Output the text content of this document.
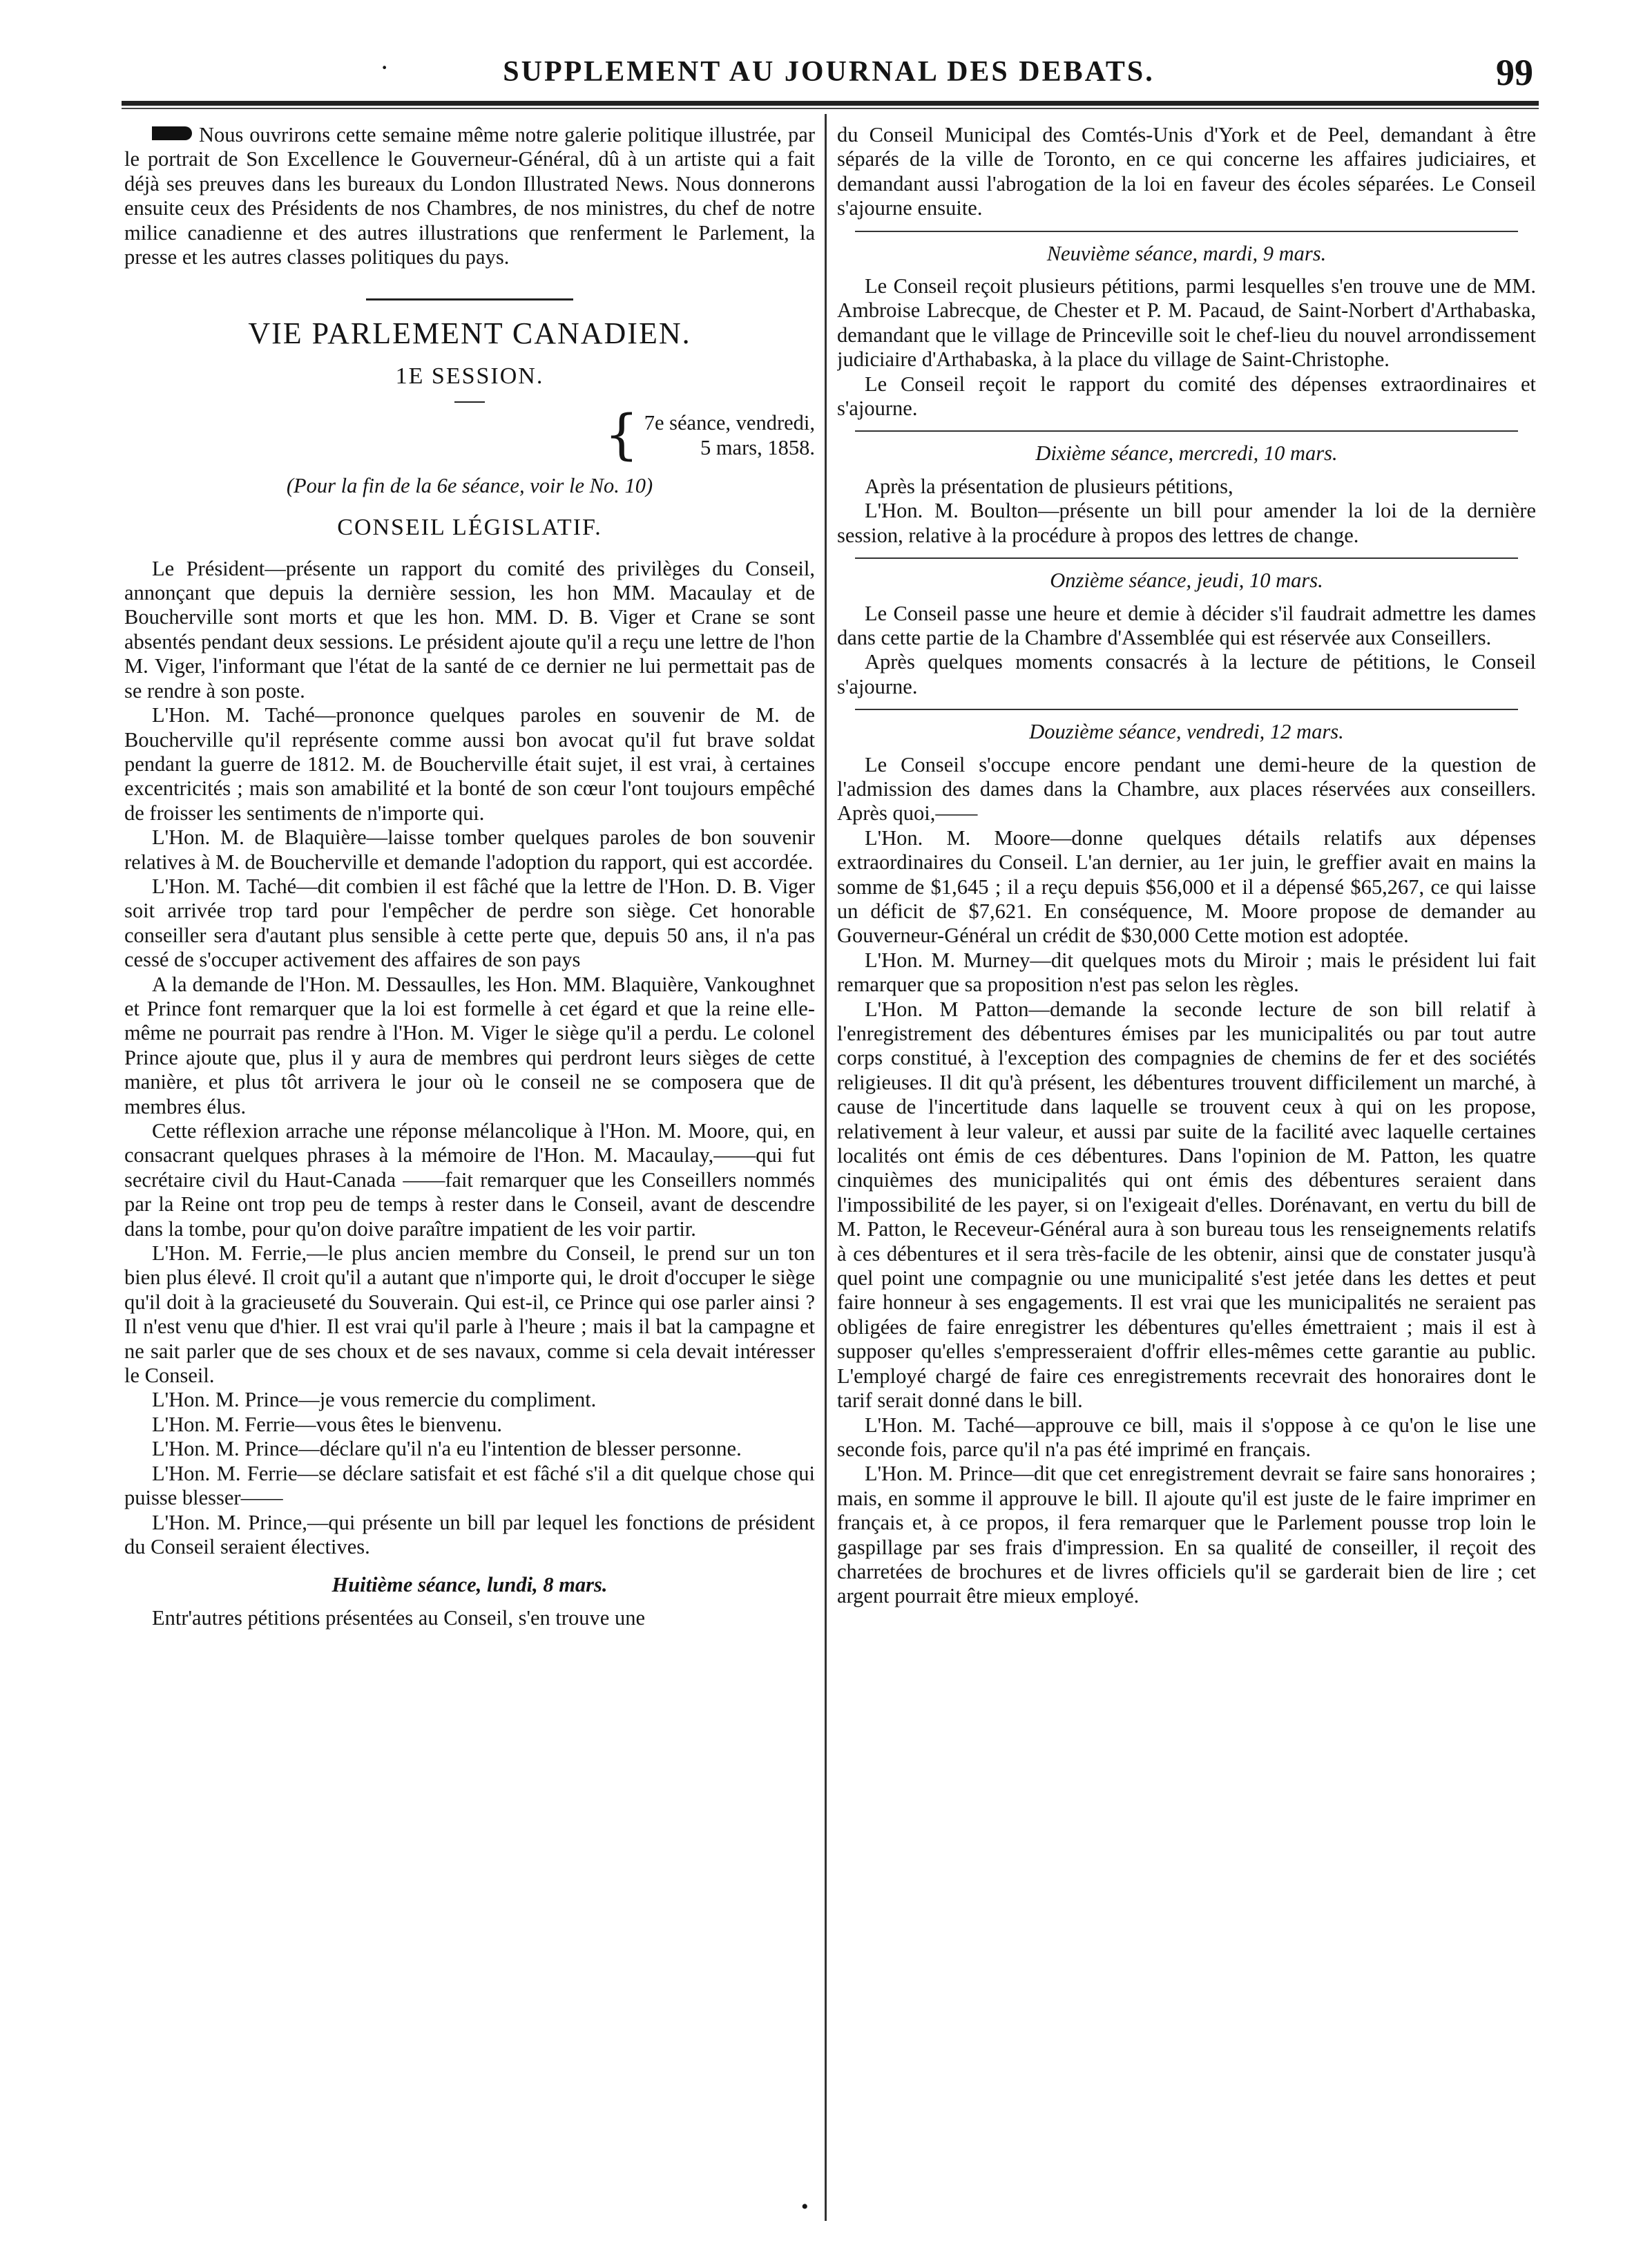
·	SUPPLEMENT AU JOURNAL DES DEBATS.	99

Nous ouvrirons cette semaine même notre galerie politique illustrée, par le portrait de Son Excellence le Gouverneur-Général, dû à un artiste qui a fait déjà ses preuves dans les bureaux du London Illustrated News. Nous donnerons ensuite ceux des Présidents de nos Chambres, de nos ministres, du chef de notre milice canadienne et des autres illustrations que renferment le Parlement, la presse et les autres classes politiques du pays.

VIE PARLEMENT CANADIEN.
1E SESSION.
{ 7e séance, vendredi,

5 mars, 1858.

(Pour la fin de la 6e séance, voir le No. 10)

CONSEIL LÉGISLATIF.

Le Président—présente un rapport du comité des privilèges du Conseil, annonçant que depuis la dernière session, les hon MM. Macaulay et de Boucherville sont morts et que les hon. MM. D. B. Viger et Crane se sont absentés pendant deux sessions. Le président ajoute qu'il a reçu une lettre de l'hon M. Viger, l'informant que l'état de la santé de ce dernier ne lui permettait pas de se rendre à son poste.

L'Hon. M. Taché—prononce quelques paroles en souvenir de M. de Boucherville qu'il représente comme aussi bon avocat qu'il fut brave soldat pendant la guerre de 1812. M. de Boucherville était sujet, il est vrai, à certaines excentricités ; mais son amabilité et la bonté de son cœur l'ont toujours empêché de froisser les sentiments de n'importe qui.

L'Hon. M. de Blaquière—laisse tomber quelques paroles de bon souvenir relatives à M. de Boucherville et demande l'adoption du rapport, qui est accordée.

L'Hon. M. Taché—dit combien il est fâché que la lettre de l'Hon. D. B. Viger soit arrivée trop tard pour l'empêcher de perdre son siège. Cet honorable conseiller sera d'autant plus sensible à cette perte que, depuis 50 ans, il n'a pas cessé de s'occuper activement des affaires de son pays

A la demande de l'Hon. M. Dessaulles, les Hon. MM. Blaquière, Vankoughnet et Prince font remarquer que la loi est formelle à cet égard et que la reine elle-même ne pourrait pas rendre à l'Hon. M. Viger le siège qu'il a perdu. Le colonel Prince ajoute que, plus il y aura de membres qui perdront leurs sièges de cette manière, et plus tôt arrivera le jour où le conseil ne se composera que de membres élus.

Cette réflexion arrache une réponse mélancolique à l'Hon. M. Moore, qui, en consacrant quelques phrases à la mémoire de l'Hon. M. Macaulay,——qui fut secrétaire civil du Haut-Canada ——fait remarquer que les Conseillers nommés par la Reine ont trop peu de temps à rester dans le Conseil, avant de descendre dans la tombe, pour qu'on doive paraître impatient de les voir partir.

L'Hon. M. Ferrie,—le plus ancien membre du Conseil, le prend sur un ton bien plus élevé. Il croit qu'il a autant que n'importe qui, le droit d'occuper le siège qu'il doit à la gracieuseté du Souverain. Qui est-il, ce Prince qui ose parler ainsi ? Il n'est venu que d'hier. Il est vrai qu'il parle à l'heure ; mais il bat la campagne et ne sait parler que de ses choux et de ses navaux, comme si cela devait intéresser le Conseil.

L'Hon. M. Prince—je vous remercie du compliment.

L'Hon. M. Ferrie—vous êtes le bienvenu.

L'Hon. M. Prince—déclare qu'il n'a eu l'intention de blesser personne.

L'Hon. M. Ferrie—se déclare satisfait et est fâché s'il a dit quelque chose qui puisse blesser——

L'Hon. M. Prince,—qui présente un bill par lequel les fonctions de président du Conseil seraient électives.

Huitième séance, lundi, 8 mars.

Entr'autres pétitions présentées au Conseil, s'en trouve une

du Conseil Municipal des Comtés-Unis d'York et de Peel, demandant à être séparés de la ville de Toronto, en ce qui concerne les affaires judiciaires, et demandant aussi l'abrogation de la loi en faveur des écoles séparées. Le Conseil s'ajourne ensuite.

Neuvième séance, mardi, 9 mars.

Le Conseil reçoit plusieurs pétitions, parmi lesquelles s'en trouve une de MM. Ambroise Labrecque, de Chester et P. M. Pacaud, de Saint-Norbert d'Arthabaska, demandant que le village de Princeville soit le chef-lieu du nouvel arrondissement judiciaire d'Arthabaska, à la place du village de Saint-Christophe.

Le Conseil reçoit le rapport du comité des dépenses extraordinaires et s'ajourne.

Dixième séance, mercredi, 10 mars.

Après la présentation de plusieurs pétitions,

L'Hon. M. Boulton—présente un bill pour amender la loi de la dernière session, relative à la procédure à propos des lettres de change.

Onzième séance, jeudi, 10 mars.

Le Conseil passe une heure et demie à décider s'il faudrait admettre les dames dans cette partie de la Chambre d'Assemblée qui est réservée aux Conseillers.

Après quelques moments consacrés à la lecture de pétitions, le Conseil s'ajourne.

Douzième séance, vendredi, 12 mars.

Le Conseil s'occupe encore pendant une demi-heure de la question de l'admission des dames dans la Chambre, aux places réservées aux conseillers. Après quoi,——

L'Hon. M. Moore—donne quelques détails relatifs aux dépenses extraordinaires du Conseil. L'an dernier, au 1er juin, le greffier avait en mains la somme de $1,645 ; il a reçu depuis $56,000 et il a dépensé $65,267, ce qui laisse un déficit de $7,621. En conséquence, M. Moore propose de demander au Gouverneur-Général un crédit de $30,000 Cette motion est adoptée.

L'Hon. M. Murney—dit quelques mots du Miroir ; mais le président lui fait remarquer que sa proposition n'est pas selon les règles.

L'Hon. M Patton—demande la seconde lecture de son bill relatif à l'enregistrement des débentures émises par les municipalités ou par tout autre corps constitué, à l'exception des compagnies de chemins de fer et des sociétés religieuses. Il dit qu'à présent, les débentures trouvent difficilement un marché, à cause de l'incertitude dans laquelle se trouvent ceux à qui on les propose, relativement à leur valeur, et aussi par suite de la facilité avec laquelle certaines localités ont émis de ces débentures. Dans l'opinion de M. Patton, les quatre cinquièmes des municipalités qui ont émis des débentures seraient dans l'impossibilité de les payer, si on l'exigeait d'elles. Dorénavant, en vertu du bill de M. Patton, le Receveur-Général aura à son bureau tous les renseignements relatifs à ces débentures et il sera très-facile de les obtenir, ainsi que de constater jusqu'à quel point une compagnie ou une municipalité s'est jetée dans les dettes et peut faire honneur à ses engagements. Il est vrai que les municipalités ne seraient pas obligées de faire enregistrer les débentures qu'elles émettraient ; mais il est à supposer qu'elles s'empresseraient d'offrir elles-mêmes cette garantie au public. L'employé chargé de faire ces enregistrements recevrait des honoraires dont le tarif serait donné dans le bill.

L'Hon. M. Taché—approuve ce bill, mais il s'oppose à ce qu'on le lise une seconde fois, parce qu'il n'a pas été imprimé en français.

L'Hon. M. Prince—dit que cet enregistrement devrait se faire sans honoraires ; mais, en somme il approuve le bill. Il ajoute qu'il est juste de le faire imprimer en français et, à ce propos, il fera remarquer que le Parlement pousse trop loin le gaspillage par ses frais d'impression. En sa qualité de conseiller, il reçoit des charretées de brochures et de livres officiels qu'il se garderait bien de lire ; cet argent pourrait être mieux employé.

•
